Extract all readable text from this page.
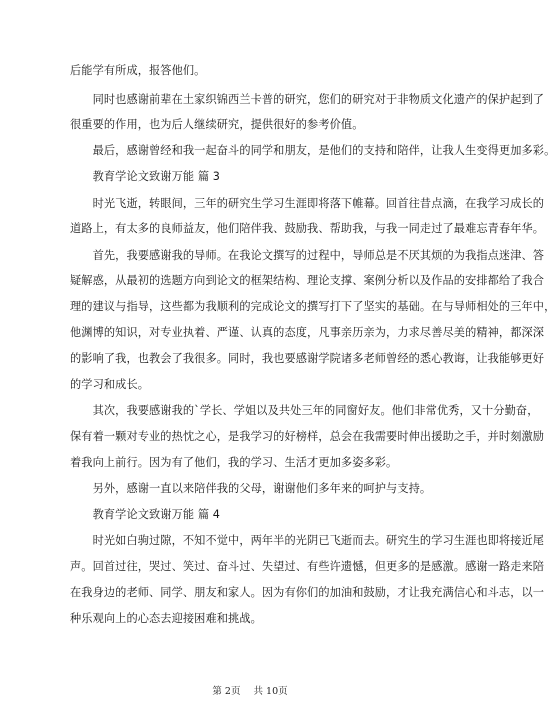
后能学有所成，报答他们。
　　同时也感谢前辈在土家织锦西兰卡普的研究，您们的研究对于非物质文化遗产的保护起到了
很重要的作用，也为后人继续研究，提供很好的参考价值。
　　最后，感谢曾经和我一起奋斗的同学和朋友，是他们的支持和陪伴，让我人生变得更加多彩。
　　教育学论文致谢万能 篇 3
　　时光飞逝，转眼间，三年的研究生学习生涯即将落下帷幕。回首往昔点滴，在我学习成长的
道路上，有太多的良师益友，他们陪伴我、鼓励我、帮助我，与我一同走过了最难忘青春年华。
　　首先，我要感谢我的导师。在我论文撰写的过程中，导师总是不厌其烦的为我指点迷津、答
疑解惑，从最初的选题方向到论文的框架结构、理论支撑、案例分析以及作品的安排都给了我合
理的建议与指导，这些都为我顺利的完成论文的撰写打下了坚实的基础。在与导师相处的三年中，
他渊博的知识，对专业执着、严谨、认真的态度，凡事亲历亲为，力求尽善尽美的精神，都深深
的影响了我，也教会了我很多。同时，我也要感谢学院诸多老师曾经的悉心教诲，让我能够更好
的学习和成长。
　　其次，我要感谢我的`学长、学姐以及共处三年的同窗好友。他们非常优秀，又十分勤奋，
保有着一颗对专业的热忱之心，是我学习的好榜样，总会在我需要时伸出援助之手，并时刻激励
着我向上前行。因为有了他们，我的学习、生活才更加多姿多彩。
　　另外，感谢一直以来陪伴我的父母，谢谢他们多年来的呵护与支持。
　　教育学论文致谢万能 篇 4
　　时光如白驹过隙，不知不觉中，两年半的光阴已飞逝而去。研究生的学习生涯也即将接近尾
声。回首过往，哭过、笑过、奋斗过、失望过、有些许遗憾，但更多的是感激。感谢一路走来陪
在我身边的老师、同学、朋友和家人。因为有你们的加油和鼓励，才让我充满信心和斗志，以一
种乐观向上的心态去迎接困难和挑战。
第 2页 共 10页
